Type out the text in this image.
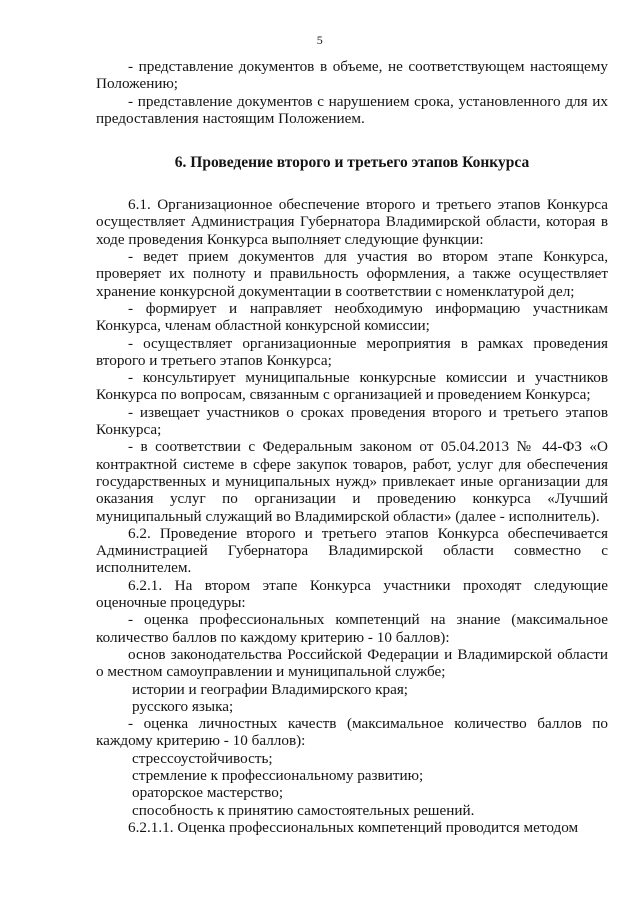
5

- представление документов в объеме, не соответствующем настоящему Положению;

- представление документов с нарушением срока, установленного для их предоставления настоящим Положением.

6. Проведение второго и третьего этапов Конкурса

6.1. Организационное обеспечение второго и третьего этапов Конкурса осуществляет Администрация Губернатора Владимирской области, которая в ходе проведения Конкурса выполняет следующие функции:

- ведет прием документов для участия во втором этапе Конкурса, проверяет их полноту и правильность оформления, а также осуществляет хранение конкурсной документации в соответствии с номенклатурой дел;

- формирует и направляет необходимую информацию участникам Конкурса, членам областной конкурсной комиссии;

- осуществляет организационные мероприятия в рамках проведения второго и третьего этапов Конкурса;

- консультирует муниципальные конкурсные комиссии и участников Конкурса по вопросам, связанным с организацией и проведением Конкурса;

- извещает участников о сроках проведения второго и третьего этапов Конкурса;

- в соответствии с Федеральным законом от 05.04.2013 № 44-ФЗ «О контрактной системе в сфере закупок товаров, работ, услуг для обеспечения государственных и муниципальных нужд» привлекает иные организации для оказания услуг по организации и проведению конкурса «Лучший муниципальный служащий во Владимирской области» (далее - исполнитель).

6.2. Проведение второго и третьего этапов Конкурса обеспечивается Администрацией Губернатора Владимирской области совместно с исполнителем.

6.2.1. На втором этапе Конкурса участники проходят следующие оценочные процедуры:

- оценка профессиональных компетенций на знание (максимальное количество баллов по каждому критерию - 10 баллов):

основ законодательства Российской Федерации и Владимирской области о местном самоуправлении и муниципальной службе;

истории и географии Владимирского края;

русского языка;

- оценка личностных качеств (максимальное количество баллов по каждому критерию - 10 баллов):

стрессоустойчивость;

стремление к профессиональному развитию;

ораторское мастерство;

способность к принятию самостоятельных решений.

6.2.1.1. Оценка профессиональных компетенций проводится методом
